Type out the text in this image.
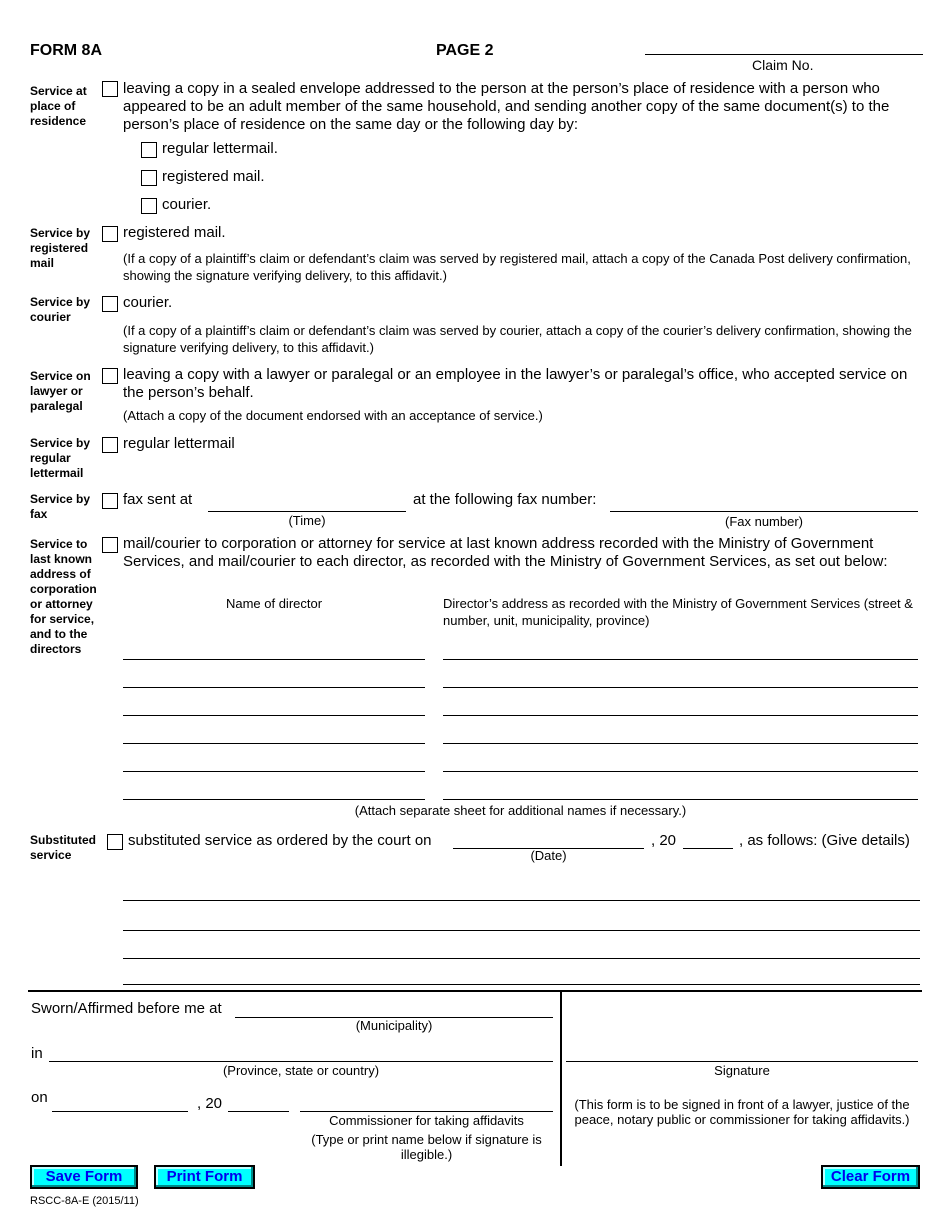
FORM 8A	PAGE 2
Claim No.
Service at place of residence
leaving a copy in a sealed envelope addressed to the person at the person’s place of residence with a person who appeared to be an adult member of the same household, and sending another copy of the same document(s) to the person’s place of residence on the same day or the following day by:
regular lettermail.
registered mail.
courier.
Service by registered mail
registered mail.
(If a copy of a plaintiff’s claim or defendant’s claim was served by registered mail, attach a copy of the Canada Post delivery confirmation, showing the signature verifying delivery, to this affidavit.)
Service by courier
courier.
(If a copy of a plaintiff’s claim or defendant’s claim was served by courier, attach a copy of the courier’s delivery confirmation, showing the signature verifying delivery, to this affidavit.)
Service on lawyer or paralegal
leaving a copy with a lawyer or paralegal or an employee in the lawyer’s or paralegal’s office, who accepted service on the person’s behalf.
(Attach a copy of the document endorsed with an acceptance of service.)
Service by regular lettermail
regular lettermail
Service by fax
fax sent at
(Time)
at the following fax number:
(Fax number)
Service to last known address of corporation or attorney for service, and to the directors
mail/courier to corporation or attorney for service at last known address recorded with the Ministry of Government Services, and mail/courier to each director, as recorded with the Ministry of Government Services, as set out below:
Name of director	Director’s address as recorded with the Ministry of Government Services (street & number, unit, municipality, province)
(Attach separate sheet for additional names if necessary.)
Substituted service
substituted service as ordered by the court on
(Date)
, 20	, as follows: (Give details)
Sworn/Affirmed before me at
(Municipality)
in
(Province, state or country)
on	, 20
Commissioner for taking affidavits
(Type or print name below if signature is illegible.)
Signature
(This form is to be signed in front of a lawyer, justice of the peace, notary public or commissioner for taking affidavits.)
Save Form	Print Form	Clear Form
RSCC-8A-E (2015/11)
